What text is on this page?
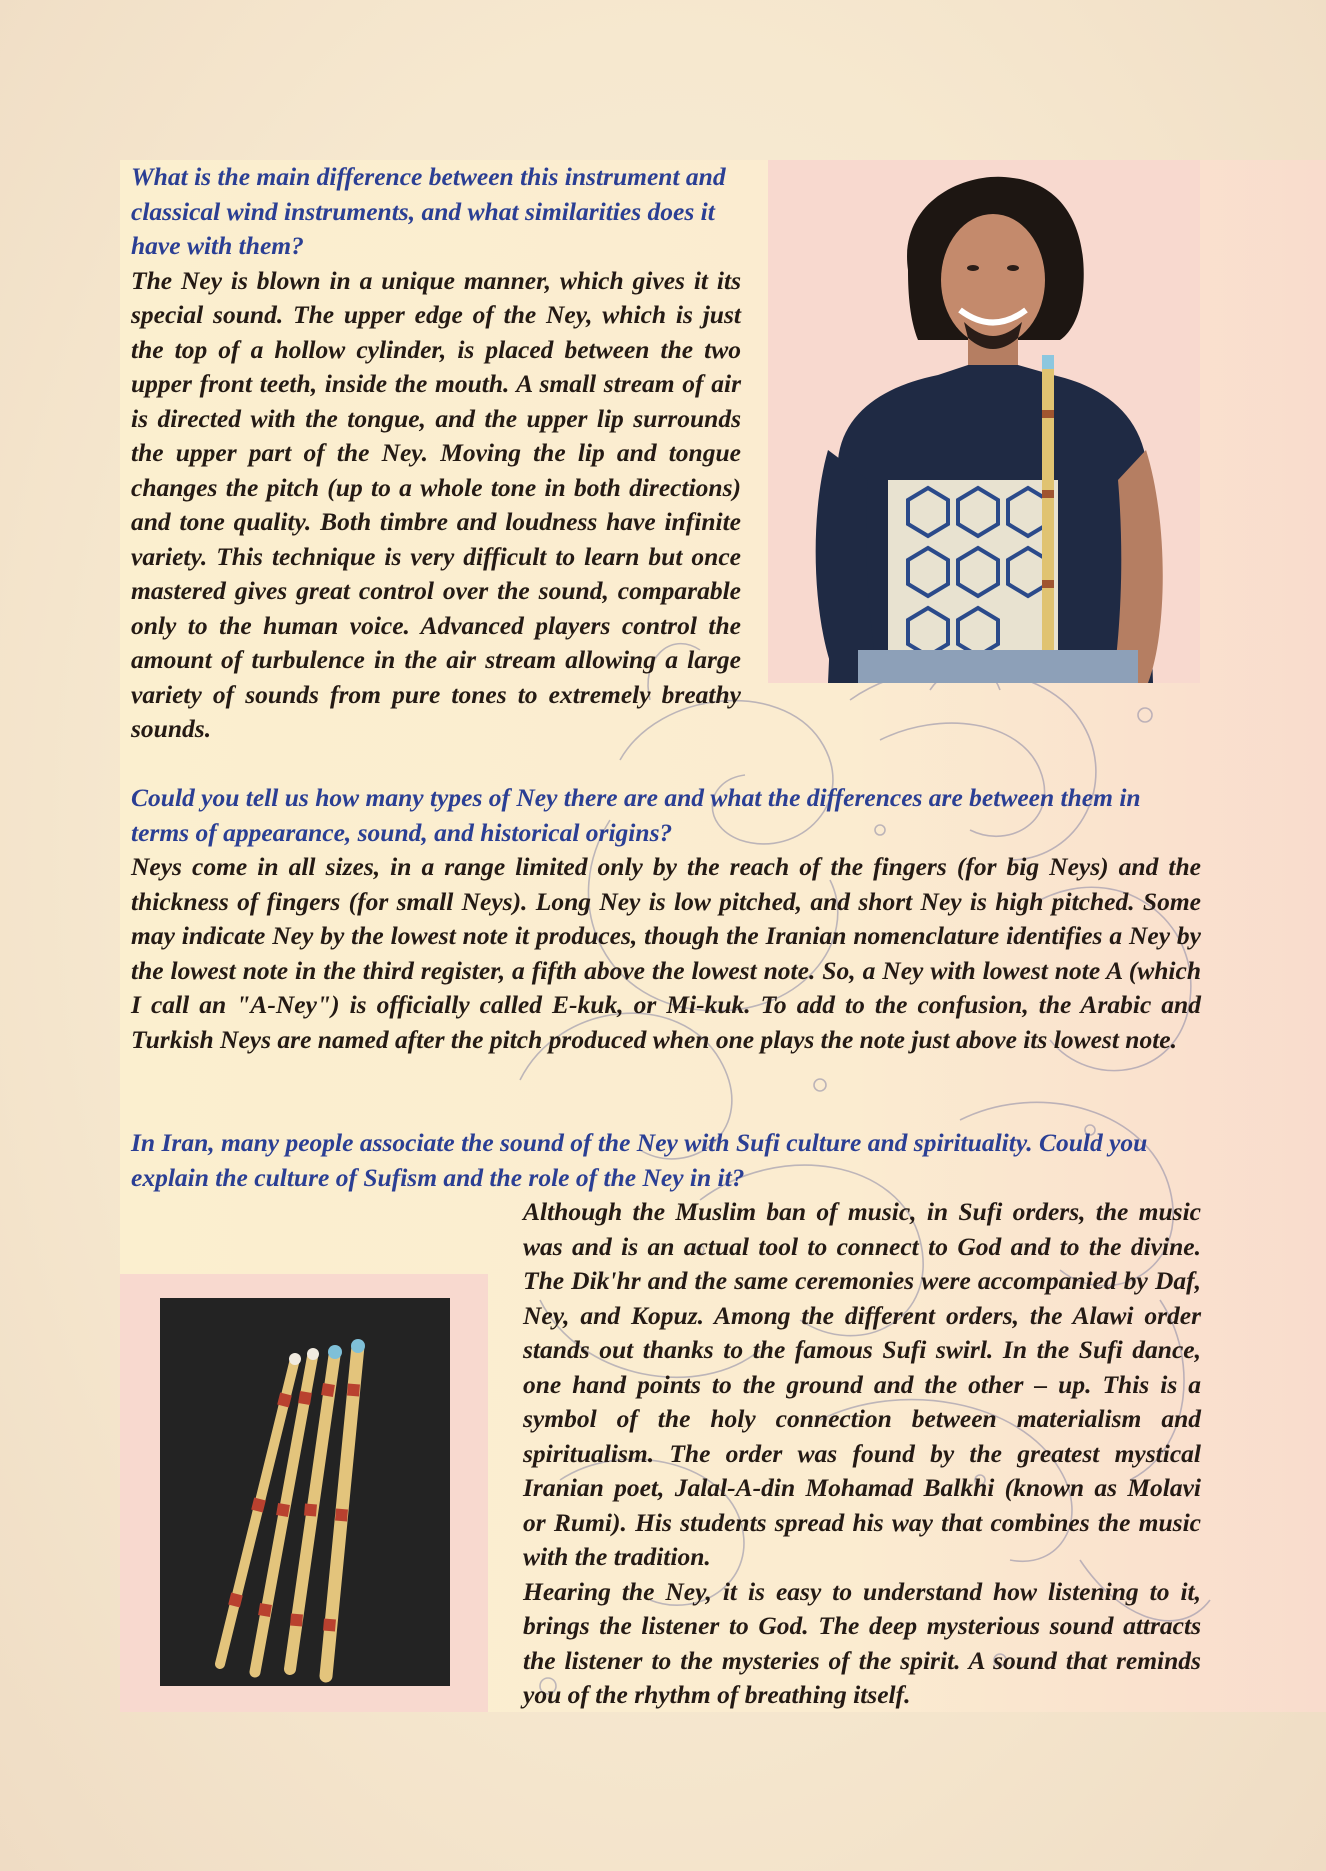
What is the main difference between this instrument and classical wind instruments, and what similarities does it have with them?

The Ney is blown in a unique manner, which gives it its special sound. The upper edge of the Ney, which is just the top of a hollow cylinder, is placed between the two upper front teeth, inside the mouth. A small stream of air is directed with the tongue, and the upper lip surrounds the upper part of the Ney. Moving the lip and tongue changes the pitch (up to a whole tone in both directions) and tone quality. Both timbre and loudness have infinite variety. This technique is very difficult to learn but once mastered gives great control over the sound, comparable only to the human voice. Advanced players control the amount of turbulence in the air stream allowing a large variety of sounds from pure tones to extremely breathy sounds.

Could you tell us how many types of Ney there are and what the differences are between them in terms of appearance, sound, and historical origins?

Neys come in all sizes, in a range limited only by the reach of the fingers (for big Neys) and the thickness of fingers (for small Neys). Long Ney is low pitched, and short Ney is high pitched. Some may indicate Ney by the lowest note it produces, though the Iranian nomenclature identifies a Ney by the lowest note in the third register, a fifth above the lowest note. So, a Ney with lowest note A (which I call an "A-Ney") is officially called E-kuk, or Mi-kuk. To add to the confusion, the Arabic and Turkish Neys are named after the pitch produced when one plays the note just above its lowest note.

In Iran, many people associate the sound of the Ney with Sufi culture and spirituality. Could you explain the culture of Sufism and the role of the Ney in it?

Although the Muslim ban of music, in Sufi orders, the music was and is an actual tool to connect to God and to the divine. The Dik'hr and the same ceremonies were accompanied by Daf, Ney, and Kopuz. Among the different orders, the Alawi order stands out thanks to the famous Sufi swirl. In the Sufi dance, one hand points to the ground and the other – up. This is a symbol of the holy connection between materialism and spiritualism. The order was found by the greatest mystical Iranian poet, Jalal-A-din Mohamad Balkhi (known as Molavi or Rumi). His students spread his way that combines the music with the tradition.

Hearing the Ney, it is easy to understand how listening to it, brings the listener to God. The deep mysterious sound attracts the listener to the mysteries of the spirit. A sound that reminds you of the rhythm of breathing itself.
